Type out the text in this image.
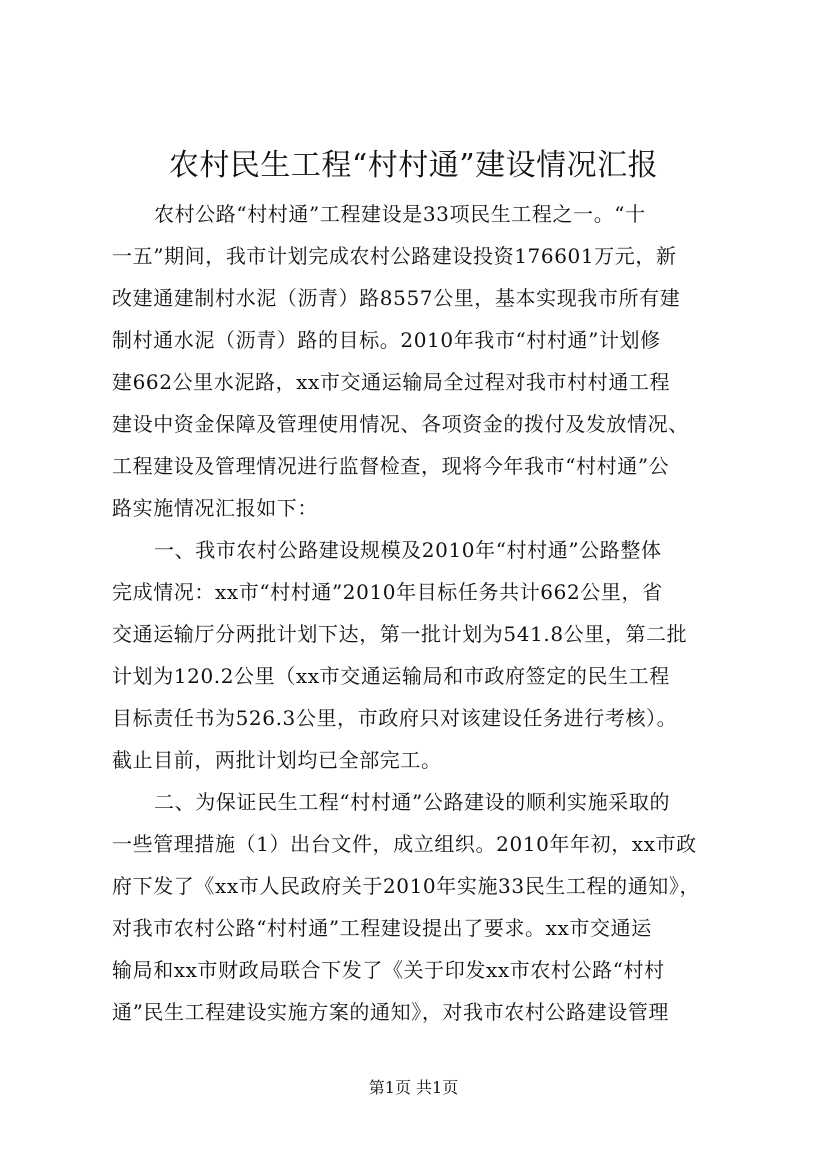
农村民生工程“村村通”建设情况汇报
农村公路“村村通”工程建设是33项民生工程之一。“十
一五”期间，我市计划完成农村公路建设投资176601万元，新
改建通建制村水泥（沥青）路8557公里，基本实现我市所有建
制村通水泥（沥青）路的目标。2010年我市“村村通”计划修
建662公里水泥路，xx市交通运输局全过程对我市村村通工程
建设中资金保障及管理使用情况、各项资金的拨付及发放情况、
工程建设及管理情况进行监督检查，现将今年我市“村村通”公
路实施情况汇报如下：
一、我市农村公路建设规模及2010年“村村通”公路整体
完成情况：xx市“村村通”2010年目标任务共计662公里，省
交通运输厅分两批计划下达，第一批计划为541.8公里，第二批
计划为120.2公里（xx市交通运输局和市政府签定的民生工程
目标责任书为526.3公里，市政府只对该建设任务进行考核）。
截止目前，两批计划均已全部完工。
二、为保证民生工程“村村通”公路建设的顺利实施采取的
一些管理措施（1）出台文件，成立组织。2010年年初，xx市政
府下发了《xx市人民政府关于2010年实施33民生工程的通知》，
对我市农村公路“村村通”工程建设提出了要求。xx市交通运
输局和xx市财政局联合下发了《关于印发xx市农村公路“村村
通”民生工程建设实施方案的通知》，对我市农村公路建设管理
第1页 共1页
